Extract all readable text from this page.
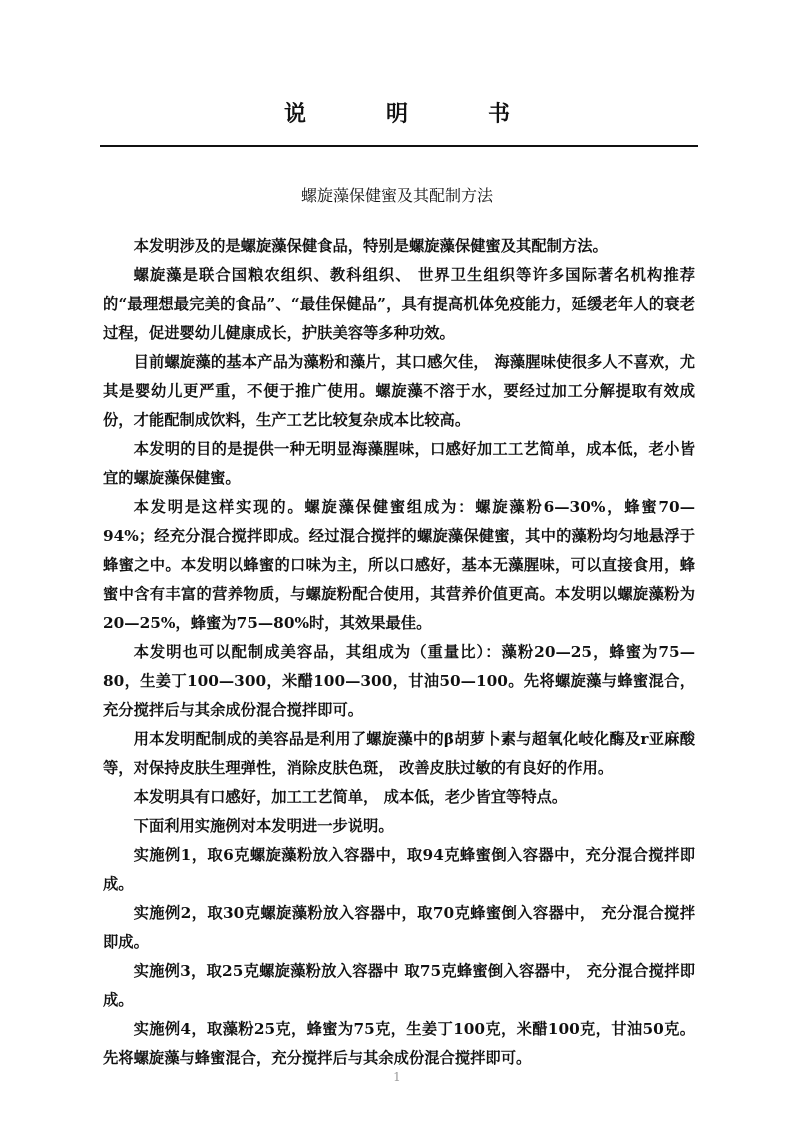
说明书
螺旋藻保健蜜及其配制方法

本发明涉及的是螺旋藻保健食品，特别是螺旋藻保健蜜及其配制方法。

螺旋藻是联合国粮农组织、教科组织、 世界卫生组织等许多国际著名机构推荐的“最理想最完美的食品”、“最佳保健品”，具有提高机体免疫能力，延缓老年人的衰老过程，促进婴幼儿健康成长，护肤美容等多种功效。

目前螺旋藻的基本产品为藻粉和藻片，其口感欠佳， 海藻腥味使很多人不喜欢，尤其是婴幼儿更严重，不便于推广使用。螺旋藻不溶于水，要经过加工分解提取有效成份，才能配制成饮料，生产工艺比较复杂成本比较高。

本发明的目的是提供一种无明显海藻腥味，口感好加工工艺简单，成本低，老小皆宜的螺旋藻保健蜜。

本发明是这样实现的。螺旋藻保健蜜组成为：螺旋藻粉6—30%，蜂蜜70—94%；经充分混合搅拌即成。经过混合搅拌的螺旋藻保健蜜，其中的藻粉均匀地悬浮于蜂蜜之中。本发明以蜂蜜的口味为主，所以口感好，基本无藻腥味，可以直接食用，蜂蜜中含有丰富的营养物质，与螺旋粉配合使用，其营养价值更高。本发明以螺旋藻粉为20—25%，蜂蜜为75—80%时，其效果最佳。

本发明也可以配制成美容品，其组成为（重量比）：藻粉20—25，蜂蜜为75—80，生姜丁100—300，米醋100—300，甘油50—100。先将螺旋藻与蜂蜜混合， 充分搅拌后与其余成份混合搅拌即可。

用本发明配制成的美容品是利用了螺旋藻中的β胡萝卜素与超氧化岐化酶及r亚麻酸等，对保持皮肤生理弹性，消除皮肤色斑， 改善皮肤过敏的有良好的作用。

本发明具有口感好，加工工艺简单， 成本低，老少皆宜等特点。

下面利用实施例对本发明进一步说明。

实施例1，取6克螺旋藻粉放入容器中，取94克蜂蜜倒入容器中，充分混合搅拌即成。

实施例2，取30克螺旋藻粉放入容器中，取70克蜂蜜倒入容器中， 充分混合搅拌即成。

实施例3，取25克螺旋藻粉放入容器中 取75克蜂蜜倒入容器中， 充分混合搅拌即成。

实施例4，取藻粉25克，蜂蜜为75克，生姜丁100克，米醋100克，甘油50克。 先将螺旋藻与蜂蜜混合，充分搅拌后与其余成份混合搅拌即可。

1
